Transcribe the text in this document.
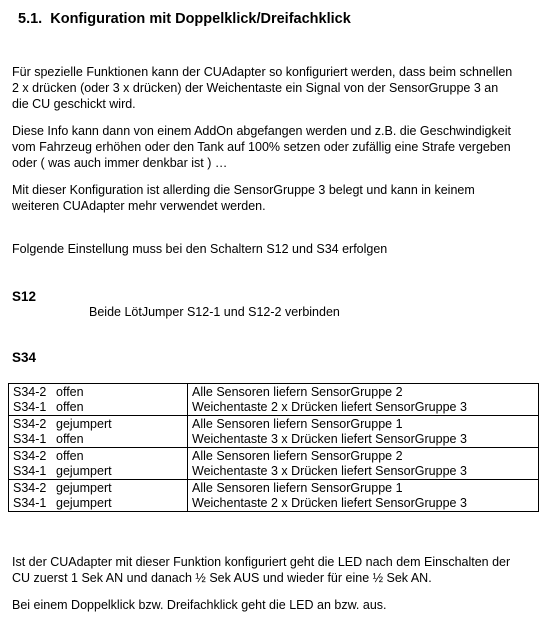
5.1. Konfiguration mit Doppelklick/Dreifachklick
Für spezielle Funktionen kann der CUAdapter so konfiguriert werden, dass beim schnellen
2 x drücken (oder 3 x drücken) der Weichentaste ein Signal von der SensorGruppe 3 an
die CU geschickt wird.
Diese Info kann dann von einem AddOn abgefangen werden und z.B. die Geschwindigkeit
vom Fahrzeug erhöhen oder den Tank auf 100% setzen oder zufällig eine Strafe vergeben
oder ( was auch immer denkbar ist ) …
Mit dieser Konfiguration ist allerding die SensorGruppe 3 belegt und kann in keinem
weiteren CUAdapter mehr verwendet werden.
Folgende Einstellung muss bei den Schaltern S12 und S34 erfolgen
S12
Beide LötJumper S12-1 und S12-2 verbinden
S34
S34-2 offen
S34-1 offen	Alle Sensoren liefern SensorGruppe 2
Weichentaste 2 x Drücken liefert SensorGruppe 3

S34-2 gejumpert
S34-1 offen	Alle Sensoren liefern SensorGruppe 1
Weichentaste 3 x Drücken liefert SensorGruppe 3

S34-2 offen
S34-1 gejumpert	Alle Sensoren liefern SensorGruppe 2
Weichentaste 3 x Drücken liefert SensorGruppe 3

S34-2 gejumpert
S34-1 gejumpert	Alle Sensoren liefern SensorGruppe 1
Weichentaste 2 x Drücken liefert SensorGruppe 3
Ist der CUAdapter mit dieser Funktion konfiguriert geht die LED nach dem Einschalten der
CU zuerst 1 Sek AN und danach ½ Sek AUS und wieder für eine ½ Sek AN.
Bei einem Doppelklick bzw. Dreifachklick geht die LED an bzw. aus.
